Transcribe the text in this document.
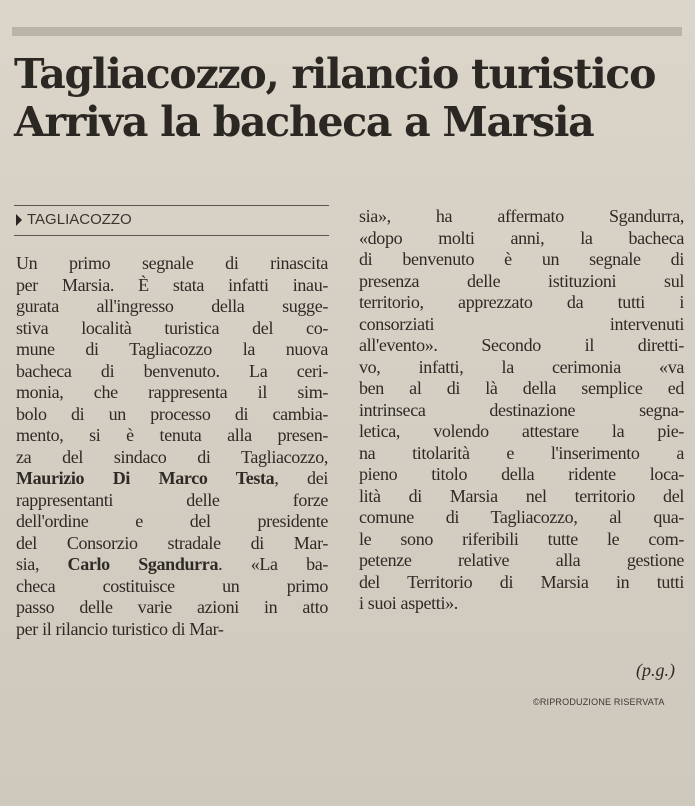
Tagliacozzo, rilancio turistico
Arriva la bacheca a Marsia
TAGLIACOZZO
Un primo segnale di rinascita
per Marsia. È stata infatti inau-
gurata all'ingresso della sugge-
stiva località turistica del co-
mune di Tagliacozzo la nuova
bacheca di benvenuto. La ceri-
monia, che rappresenta il sim-
bolo di un processo di cambia-
mento, si è tenuta alla presen-
za del sindaco di Tagliacozzo,
Maurizio Di Marco Testa, dei
rappresentanti delle forze
dell'ordine e del presidente
del Consorzio stradale di Mar-
sia, Carlo Sgandurra. «La ba-
checa costituisce un primo
passo delle varie azioni in atto
per il rilancio turistico di Mar-
sia», ha affermato Sgandurra,
«dopo molti anni, la bacheca
di benvenuto è un segnale di
presenza delle istituzioni sul
territorio, apprezzato da tutti i
consorziati intervenuti
all'evento». Secondo il diretti-
vo, infatti, la cerimonia «va
ben al di là della semplice ed
intrinseca destinazione segna-
letica, volendo attestare la pie-
na titolarità e l'inserimento a
pieno titolo della ridente loca-
lità di Marsia nel territorio del
comune di Tagliacozzo, al qua-
le sono riferibili tutte le com-
petenze relative alla gestione
del Territorio di Marsia in tutti
i suoi aspetti».
(p.g.)
©RIPRODUZIONE RISERVATA
